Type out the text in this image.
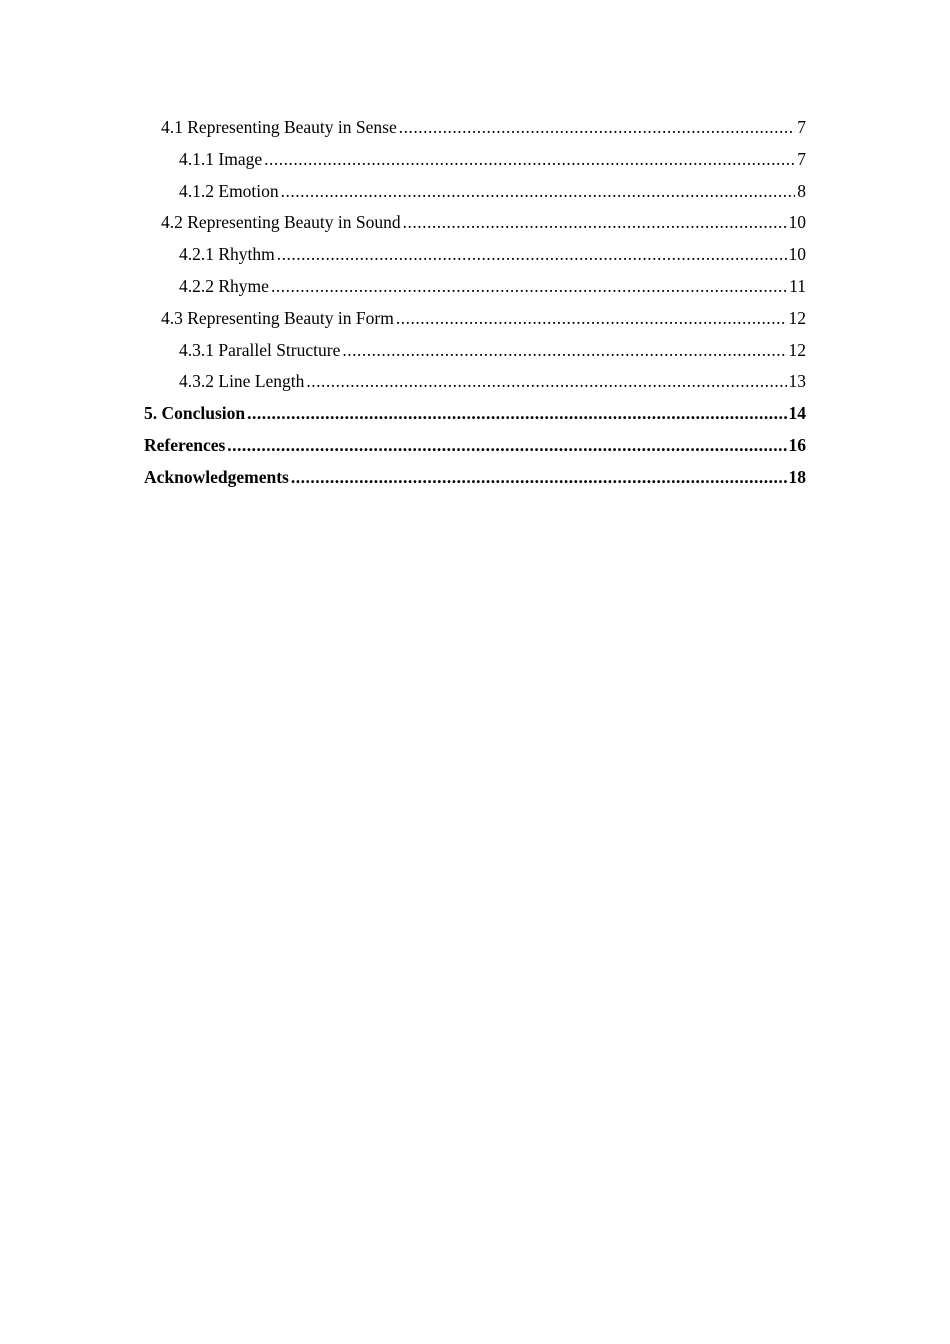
4.1 Representing Beauty in Sense .....	7
4.1.1 Image .....	7
4.1.2 Emotion .....	8
4.2 Representing Beauty in Sound .....	10
4.2.1 Rhythm .....	10
4.2.2 Rhyme .....	11
4.3 Representing Beauty in Form .....	12
4.3.1 Parallel Structure .....	12
4.3.2 Line Length .....	13
5. Conclusion .....	14
References .....	16
Acknowledgements .....	18
